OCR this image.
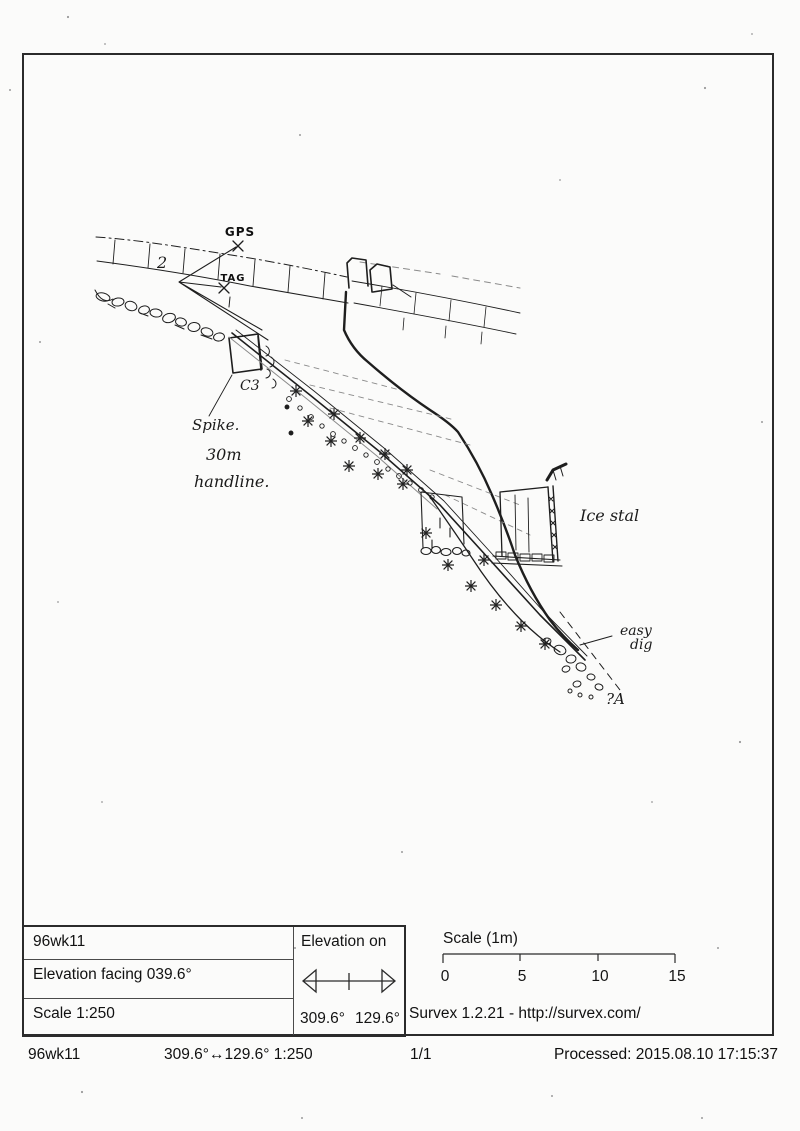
GPS
TAG
2
C3
Ice stal
easy
dig
?A
Spike.
30m
handline.
96wk11
Elevation facing 039.6°
Scale 1:250
Elevation on
309.6° 129.6°
Scale (1m)
0	5	10	15
Survex 1.2.21 - http://survex.com/
96wk11	309.6°↔129.6° 1:250	1/1	Processed: 2015.08.10 17:15:37
